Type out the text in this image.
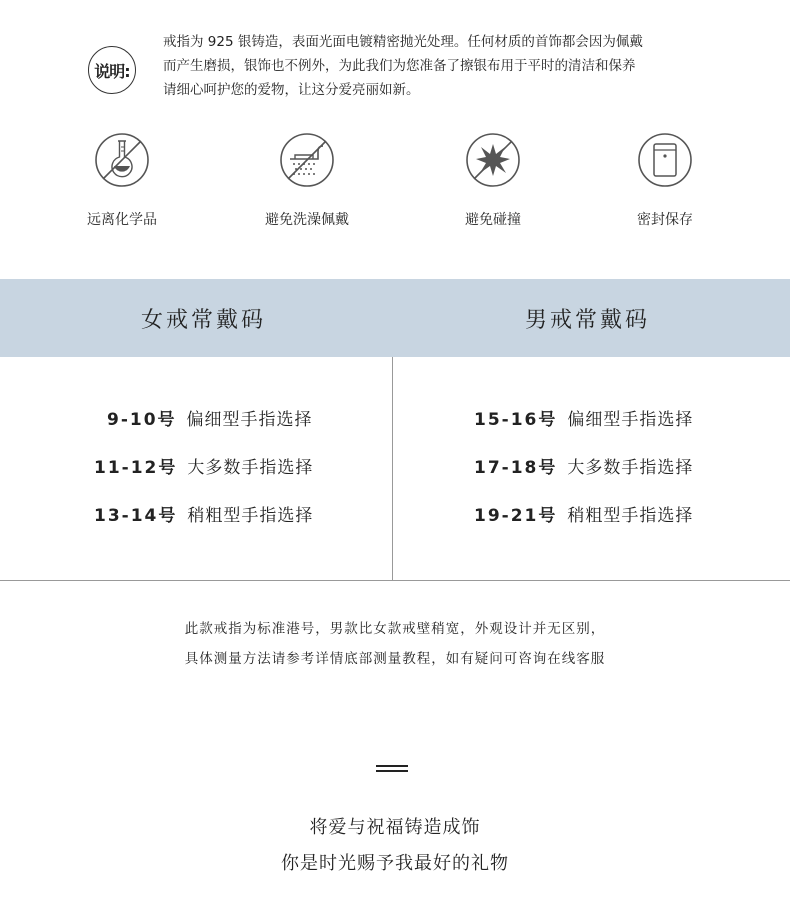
说明:
戒指为 925 银铸造，表面光面电镀精密抛光处理。任何材质的首饰都会因为佩戴
而产生磨损，银饰也不例外，为此我们为您准备了擦银布用于平时的清洁和保养
请细心呵护您的爱物，让这分爱亮丽如新。
远离化学品	避免洗澡佩戴	避免碰撞	密封保存
女戒常戴码	男戒常戴码
9-10号 偏细型手指选择
11-12号 大多数手指选择
13-14号 稍粗型手指选择
15-16号 偏细型手指选择
17-18号 大多数手指选择
19-21号 稍粗型手指选择
此款戒指为标准港号，男款比女款戒壁稍宽，外观设计并无区别，
具体测量方法请参考详情底部测量教程，如有疑问可咨询在线客服
将爱与祝福铸造成饰
你是时光赐予我最好的礼物
